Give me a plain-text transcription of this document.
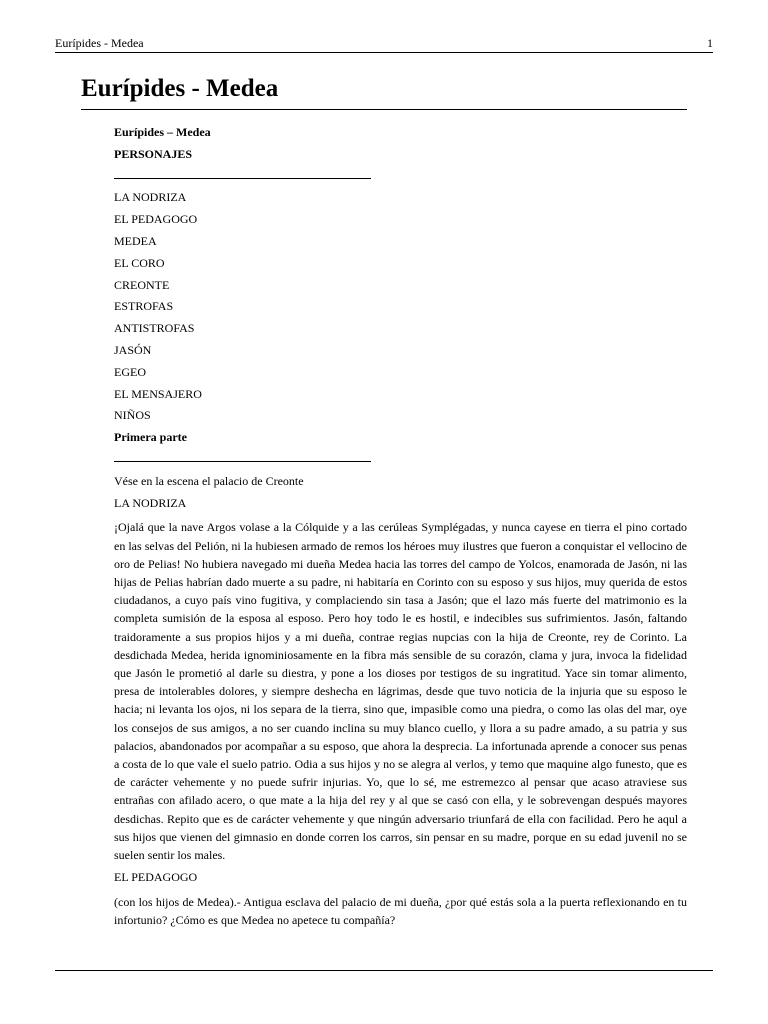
Eurípides - Medea	1
Eurípides - Medea

Eurípides – Medea

PERSONAJES

LA NODRIZA

EL PEDAGOGO

MEDEA

EL CORO

CREONTE

ESTROFAS

ANTISTROFAS

JASÓN

EGEO

EL MENSAJERO

NIÑOS

Primera parte

Vése en la escena el palacio de Creonte

LA NODRIZA

¡Ojalá que la nave Argos volase a la Cólquide y a las cerúleas Symplégadas, y nunca cayese en tierra el pino cortado en las selvas del Pelión, ni la hubiesen armado de remos los héroes muy ilustres que fueron a conquistar el vellocino de oro de Pelias! No hubiera navegado mi dueña Medea hacia las torres del campo de Yolcos, enamorada de Jasón, ni las hijas de Pelias habrían dado muerte a su padre, ni habitaría en Corinto con su esposo y sus hijos, muy querida de estos ciudadanos, a cuyo país vino fugitiva, y complaciendo sin tasa a Jasón; que el lazo más fuerte del matrimonio es la completa sumisión de la esposa al esposo. Pero hoy todo le es hostil, e indecibles sus sufrimientos. Jasón, faltando traidoramente a sus propios hijos y a mi dueña, contrae regias nupcias con la hija de Creonte, rey de Corinto. La desdichada Medea, herida ignominiosamente en la fibra más sensible de su corazón, clama y jura, invoca la fidelidad que Jasón le prometió al darle su diestra, y pone a los dioses por testigos de su ingratitud. Yace sin tomar alimento, presa de intolerables dolores, y siempre deshecha en lágrimas, desde que tuvo noticia de la injuria que su esposo le hacia; ni levanta los ojos, ni los separa de la tierra, sino que, impasible como una piedra, o como las olas del mar, oye los consejos de sus amigos, a no ser cuando inclina su muy blanco cuello, y llora a su padre amado, a su patria y sus palacios, abandonados por acompañar a su esposo, que ahora la desprecia. La infortunada aprende a conocer sus penas a costa de lo que vale el suelo patrio. Odia a sus hijos y no se alegra al verlos, y temo que maquine algo funesto, que es de carácter vehemente y no puede sufrir injurias. Yo, que lo sé, me estremezco al pensar que acaso atraviese sus entrañas con afilado acero, o que mate a la hija del rey y al que se casó con ella, y le sobrevengan después mayores desdichas. Repito que es de carácter vehemente y que ningún adversario triunfará de ella con facilidad. Pero he aqul a sus hijos que vienen del gimnasio en donde corren los carros, sin pensar en su madre, porque en su edad juvenil no se suelen sentir los males.

EL PEDAGOGO

(con los hijos de Medea).- Antigua esclava del palacio de mi dueña, ¿por qué estás sola a la puerta reflexionando en tu infortunio? ¿Cómo es que Medea no apetece tu compañía?
